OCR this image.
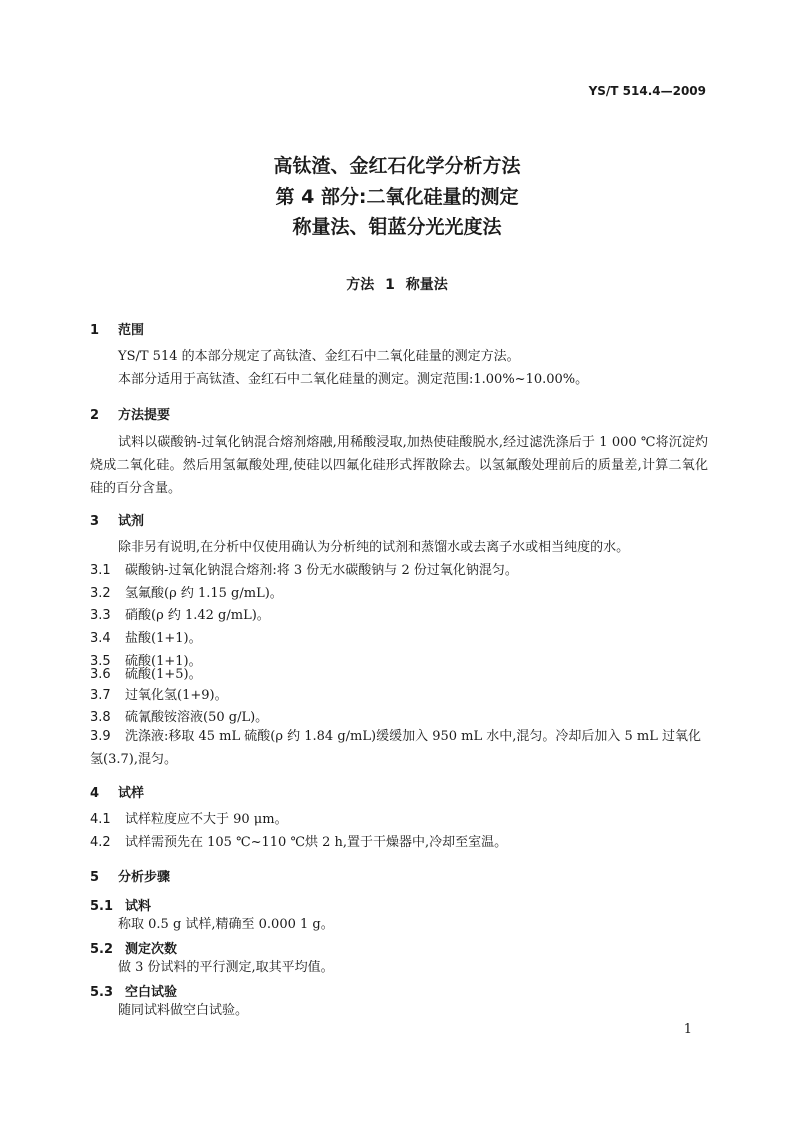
YS/T 514.4—2009
高钛渣、金红石化学分析方法
第 4 部分:二氧化硅量的测定
称量法、钼蓝分光光度法
方法 1 称量法
1 范围
YS/T 514 的本部分规定了高钛渣、金红石中二氧化硅量的测定方法。
本部分适用于高钛渣、金红石中二氧化硅量的测定。测定范围:1.00%~10.00%。
2 方法提要
试料以碳酸钠-过氧化钠混合熔剂熔融,用稀酸浸取,加热使硅酸脱水,经过滤洗涤后于 1 000 ℃将沉淀灼烧成二氧化硅。然后用氢氟酸处理,使硅以四氟化硅形式挥散除去。以氢氟酸处理前后的质量差,计算二氧化硅的百分含量。
3 试剂
除非另有说明,在分析中仅使用确认为分析纯的试剂和蒸馏水或去离子水或相当纯度的水。
3.1 碳酸钠-过氧化钠混合熔剂:将 3 份无水碳酸钠与 2 份过氧化钠混匀。
3.2 氢氟酸(ρ 约 1.15 g/mL)。
3.3 硝酸(ρ 约 1.42 g/mL)。
3.4 盐酸(1+1)。
3.5 硫酸(1+1)。
3.6 硫酸(1+5)。
3.7 过氧化氢(1+9)。
3.8 硫氰酸铵溶液(50 g/L)。
3.9 洗涤液:移取 45 mL 硫酸(ρ 约 1.84 g/mL)缓缓加入 950 mL 水中,混匀。冷却后加入 5 mL 过氧化氢(3.7),混匀。
4 试样
4.1 试样粒度应不大于 90 μm。
4.2 试样需预先在 105 ℃~110 ℃烘 2 h,置于干燥器中,冷却至室温。
5 分析步骤
5.1 试料
称取 0.5 g 试样,精确至 0.000 1 g。
5.2 测定次数
做 3 份试料的平行测定,取其平均值。
5.3 空白试验
随同试料做空白试验。
1
